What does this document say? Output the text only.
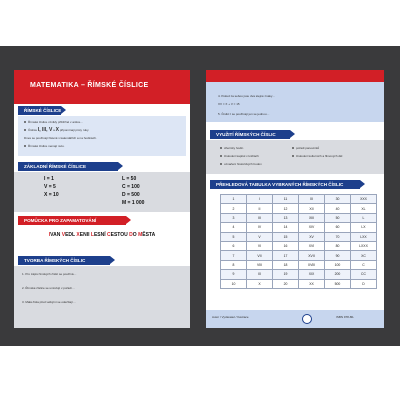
MATEMATIKA – ŘÍMSKÉ ČÍSLICE
ŘÍMSKÉ ČÍSLICE
Římské číslice vznikly přibližně v antice…
Číslice I, III, V a X připomínají prsty ruky.
Dnes se používají hlavně v kalendářích a na hodinách.
Římské číslice nemají nulu.
ZÁKLADNÍ ŘÍMSKÉ ČÍSLICE
I = 1
V = 5
X = 10
L = 50
C = 100
D = 500
M = 1 000
POMŮCKA PRO ZAPAMATOVÁNÍ
IVAN VEDL XENII LESNÍ CESTOU DO MĚSTA
TVORBA ŘÍMSKÝCH ČÍSLIC
1. Pro zápis římských číslic se používá…
2. Římské číslice se umisťují v pořadí…
3. Malá čísla před velkými se odečítají…
4. Pokud za sebou jsou dva stejné znaky…
XV = X + V = 15
5. Číslici I se používají jen se jednou…
VYUŽITÍ ŘÍMSKÝCH ČÍSLIC
ciferníky hodin	pořadí panovníků
číslování kapitol v knihách	číslování kulturních a filmových děl
označení historických budov
PŘEHLEDOVÁ TABULKA VYBRANÝCH ŘÍMSKÝCH ČÍSLIC
1	I	11	XI	30	XXX
2	II	12	XII	40	XL
3	III	13	XIII	50	L
4	IV	14	XIV	60	LX
5	V	15	XV	70	LXX
6	VI	16	XVI	80	LXXX
7	VII	17	XVII	90	XC
8	VIII	18	XVIII	100	C
9	IX	19	XIX	200	CC
10	X	20	XX	500	D
Autor / Vydavatel / Ilustrace	ISBN 978-80-
